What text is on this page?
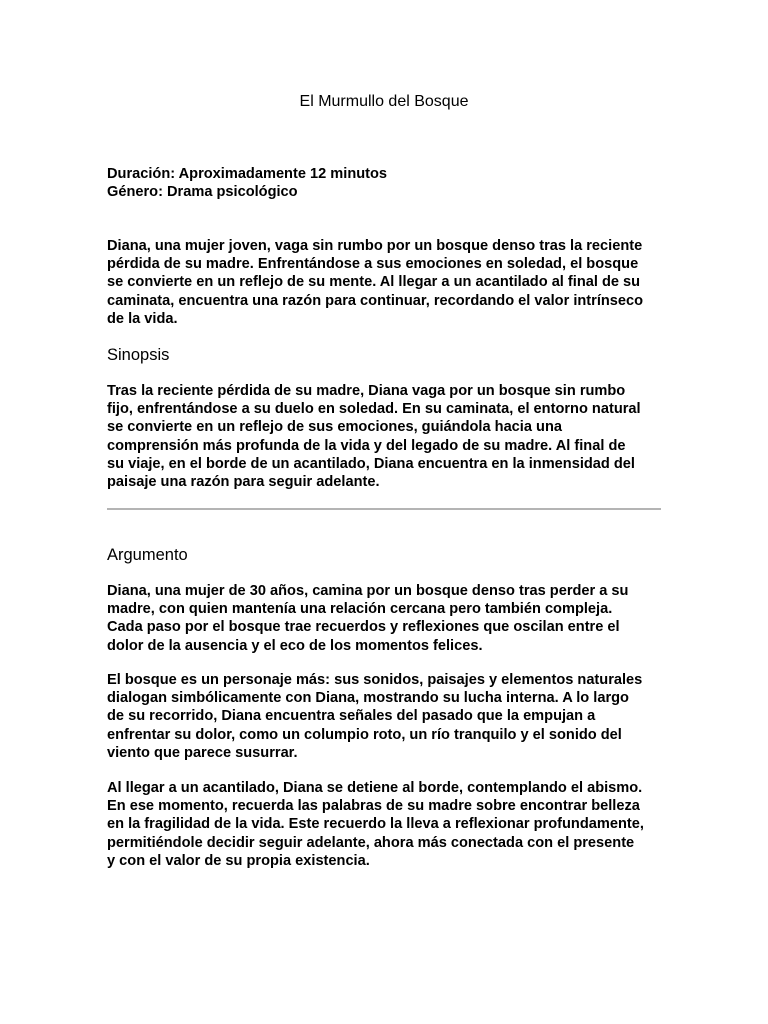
El Murmullo del Bosque
Duración: Aproximadamente 12 minutos
Género: Drama psicológico

Diana, una mujer joven, vaga sin rumbo por un bosque denso tras la reciente
pérdida de su madre. Enfrentándose a sus emociones en soledad, el bosque
se convierte en un reflejo de su mente. Al llegar a un acantilado al final de su
caminata, encuentra una razón para continuar, recordando el valor intrínseco
de la vida.

Sinopsis

Tras la reciente pérdida de su madre, Diana vaga por un bosque sin rumbo
fijo, enfrentándose a su duelo en soledad. En su caminata, el entorno natural
se convierte en un reflejo de sus emociones, guiándola hacia una
comprensión más profunda de la vida y del legado de su madre. Al final de
su viaje, en el borde de un acantilado, Diana encuentra en la inmensidad del
paisaje una razón para seguir adelante.

Argumento

Diana, una mujer de 30 años, camina por un bosque denso tras perder a su
madre, con quien mantenía una relación cercana pero también compleja.
Cada paso por el bosque trae recuerdos y reflexiones que oscilan entre el
dolor de la ausencia y el eco de los momentos felices.

El bosque es un personaje más: sus sonidos, paisajes y elementos naturales
dialogan simbólicamente con Diana, mostrando su lucha interna. A lo largo
de su recorrido, Diana encuentra señales del pasado que la empujan a
enfrentar su dolor, como un columpio roto, un río tranquilo y el sonido del
viento que parece susurrar.

Al llegar a un acantilado, Diana se detiene al borde, contemplando el abismo.
En ese momento, recuerda las palabras de su madre sobre encontrar belleza
en la fragilidad de la vida. Este recuerdo la lleva a reflexionar profundamente,
permitiéndole decidir seguir adelante, ahora más conectada con el presente
y con el valor de su propia existencia.
